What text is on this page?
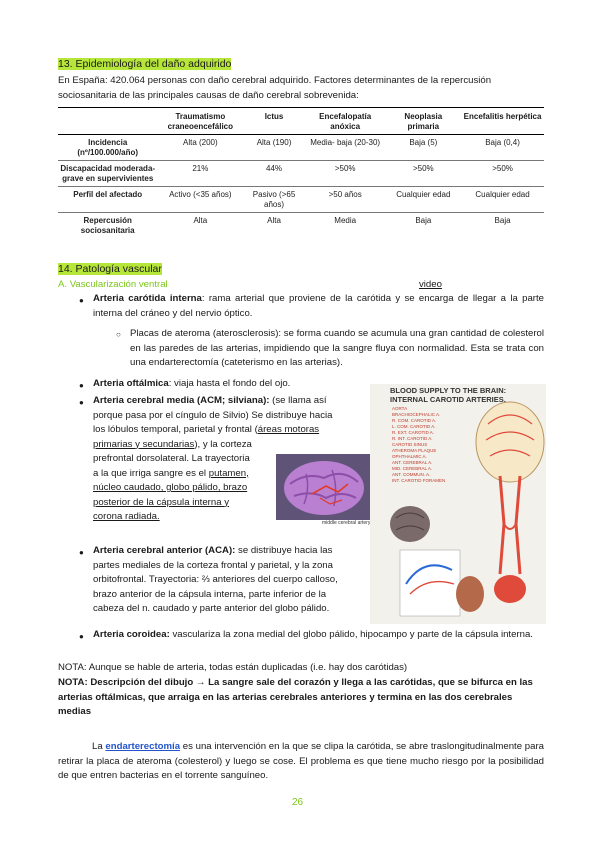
13. Epidemiología del daño adquirido
En España: 420.064 personas con daño cerebral adquirido. Factores determinantes de la repercusión sociosanitaria de las principales causas de daño cerebral sobrevenida:
	Traumatismo craneoencefálico	Ictus	Encefalopatía anóxica	Neoplasia primaria	Encefalitis herpética
Incidencia (nº/100.000/año)	Alta (200)	Alta (190)	Media- baja (20-30)	Baja (5)	Baja (0,4)
Discapacidad moderada-grave en supervivientes	21%	44%	>50%	>50%	>50%
Perfil del afectado	Activo (<35 años)	Pasivo (>65 años)	>50 años	Cualquier edad	Cualquier edad
Repercusión sociosanitaria	Alta	Alta	Media	Baja	Baja
14. Patología vascular
A. Vascularización ventral	video
● Arteria carótida interna: rama arterial que proviene de la carótida y se encarga de llegar a la parte interna del cráneo y del nervio óptico.
○ Placas de ateroma (aterosclerosis): se forma cuando se acumula una gran cantidad de colesterol en las paredes de las arterias, impidiendo que la sangre fluya con normalidad. Esta se trata con una endarterectomía (cateterismo en las arterias).
● Arteria oftálmica: viaja hasta el fondo del ojo.
● Arteria cerebral media (ACM; silviana): (se llama así
porque pasa por el cíngulo de Silvio) Se distribuye hacia
los lóbulos temporal, parietal y frontal (áreas motoras
primarias y secundarias), y la corteza
prefrontal dorsolateral. La trayectoria
a la que irriga sangre es el putamen,
núcleo caudado, globo pálido, brazo
posterior de la cápsula interna y
corona radiada.
● Arteria cerebral anterior (ACA): se distribuye hacia las
partes mediales de la corteza frontal y parietal, y la zona
orbitofrontal. Trayectoria: ⅔ anteriores del cuerpo calloso,
brazo anterior de la cápsula interna, parte inferior de la
cabeza del n. caudado y parte anterior del globo pálido.
● Arteria coroidea: vasculariza la zona medial del globo pálido, hipocampo y parte de la cápsula interna.
NOTA: Aunque se hable de arteria, todas están duplicadas (i.e. hay dos carótidas)
NOTA: Descripción del dibujo → La sangre sale del corazón y llega a las carótidas, que se bifurca en las arterias oftálmicas, que arraiga en las arterias cerebrales anteriores y termina en las dos cerebrales medias
La endarterectomía es una intervención en la que se clipa la carótida, se abre traslongitudinalmente para retirar la placa de ateroma (colesterol) y luego se cose. El problema es que tiene mucho riesgo por la posibilidad de que entren bacterias en el torrente sanguíneo.
26
middle cerebral artery
BLOOD SUPPLY TO THE BRAIN:
INTERNAL CAROTID ARTERIES.
AORTA
BRACHIOCEPHALIC A.
R. COM. CAROTID A.
L. COM. CAROTID A.
R. EXT. CAROTID A.
R. INT. CAROTID A.
CAROTID SINUS
ATHEROMA PLAQUE
OPHTHALMIC A.
ANT. CEREBRAL A.
MID. CEREBRAL A.
ANT. COMMUN. A.
INT. CAROTID FORAMEN
